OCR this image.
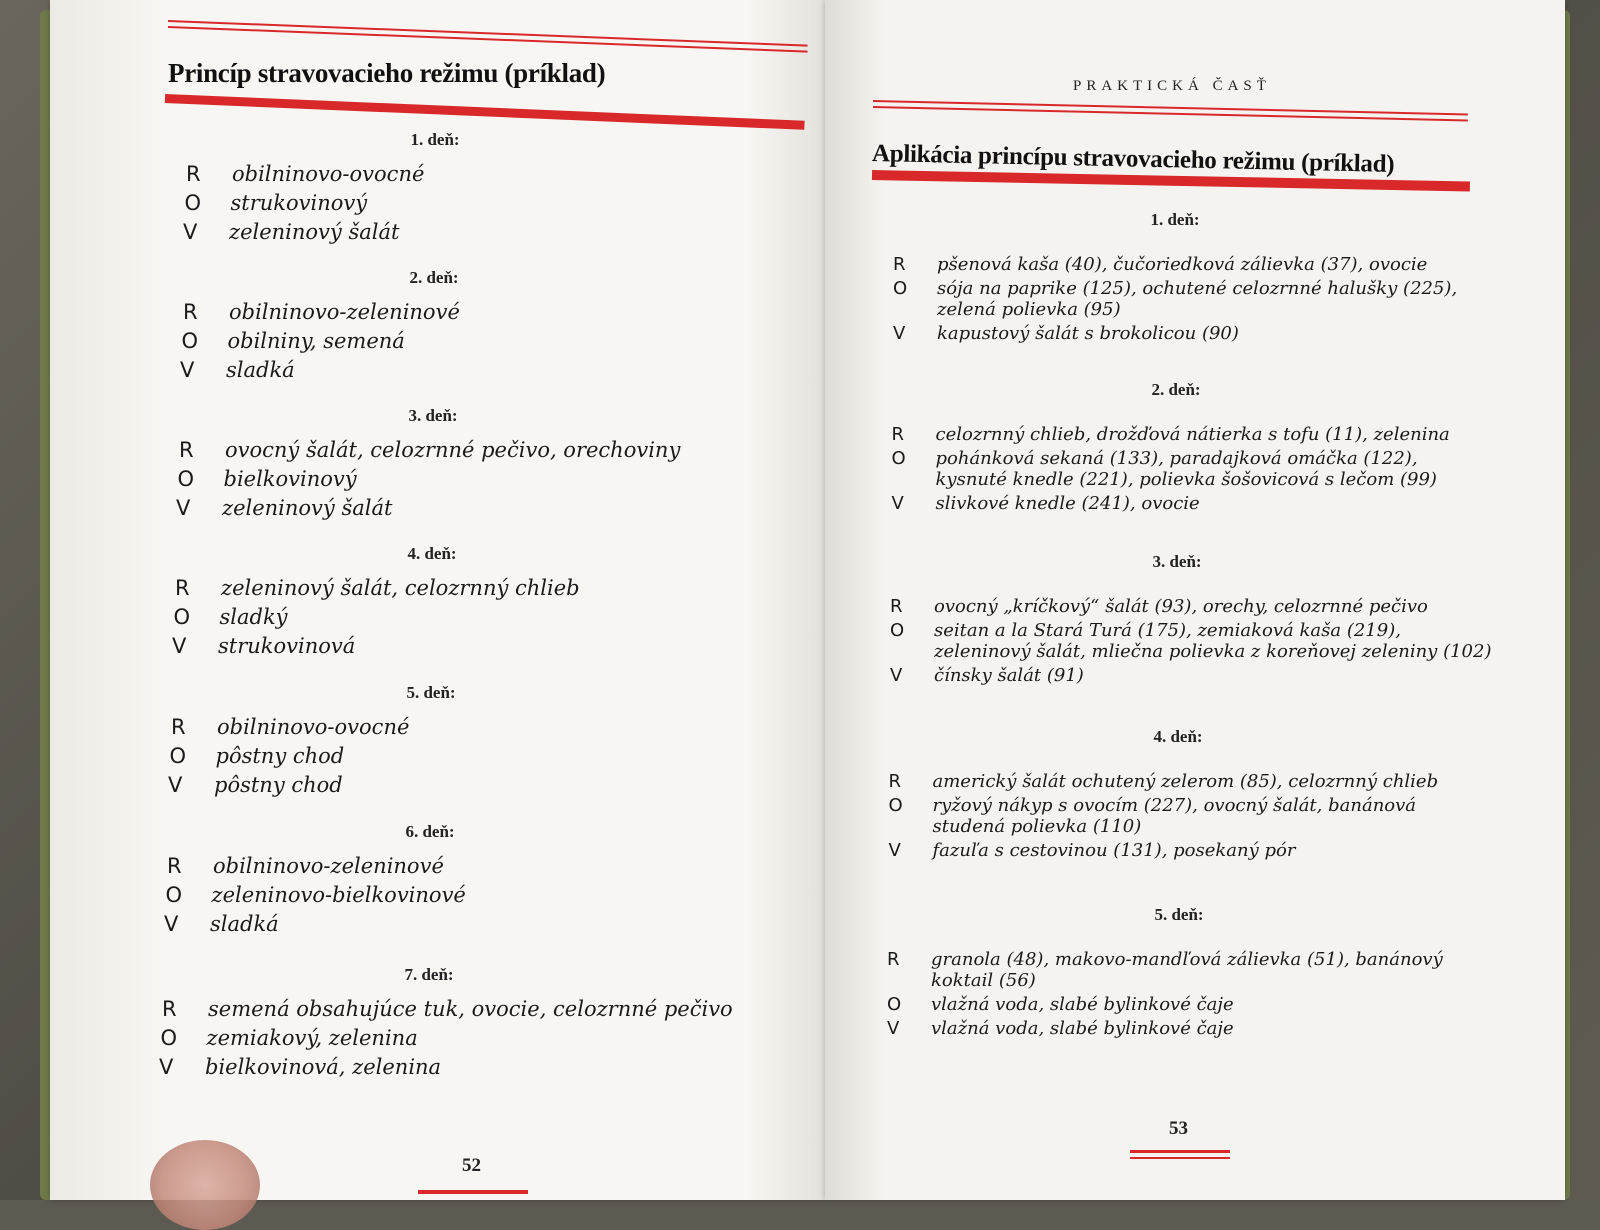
Princíp stravovacieho režimu (príklad)
1. deň:
R obilninovo-ovocné
O strukovinový
V zeleninový šalát
2. deň:
R obilninovo-zeleninové
O obilniny, semená
V sladká
3. deň:
R ovocný šalát, celozrnné pečivo, orechoviny
O bielkovinový
V zeleninový šalát
4. deň:
R zeleninový šalát, celozrnný chlieb
O sladký
V strukovinová
5. deň:
R obilninovo-ovocné
O pôstny chod
V pôstny chod
6. deň:
R obilninovo-zeleninové
O zeleninovo-bielkovinové
V sladká
7. deň:
R semená obsahujúce tuk, ovocie, celozrnné pečivo
O zemiakový, zelenina
V bielkovinová, zelenina
52
PRAKTICKÁ ČASŤ
Aplikácia princípu stravovacieho režimu (príklad)
1. deň:
R pšenová kaša (40), čučoriedková zálievka (37), ovocie
O sója na paprike (125), ochutené celozrnné halušky (225),
zelená polievka (95)
V kapustový šalát s brokolicou (90)
2. deň:
R celozrnný chlieb, drožďová nátierka s tofu (11), zelenina
O pohánková sekaná (133), paradajková omáčka (122),
kysnuté knedle (221), polievka šošovicová s lečom (99)
V slivkové knedle (241), ovocie
3. deň:
R ovocný „kríčkový“ šalát (93), orechy, celozrnné pečivo
O seitan a la Stará Turá (175), zemiaková kaša (219),
zeleninový šalát, mliečna polievka z koreňovej zeleniny (102)
V čínsky šalát (91)
4. deň:
R americký šalát ochutený zelerom (85), celozrnný chlieb
O ryžový nákyp s ovocím (227), ovocný šalát, banánová
studená polievka (110)
V fazuľa s cestovinou (131), posekaný pór
5. deň:
R granola (48), makovo-mandľová zálievka (51), banánový
koktail (56)
O vlažná voda, slabé bylinkové čaje
V vlažná voda, slabé bylinkové čaje
53
